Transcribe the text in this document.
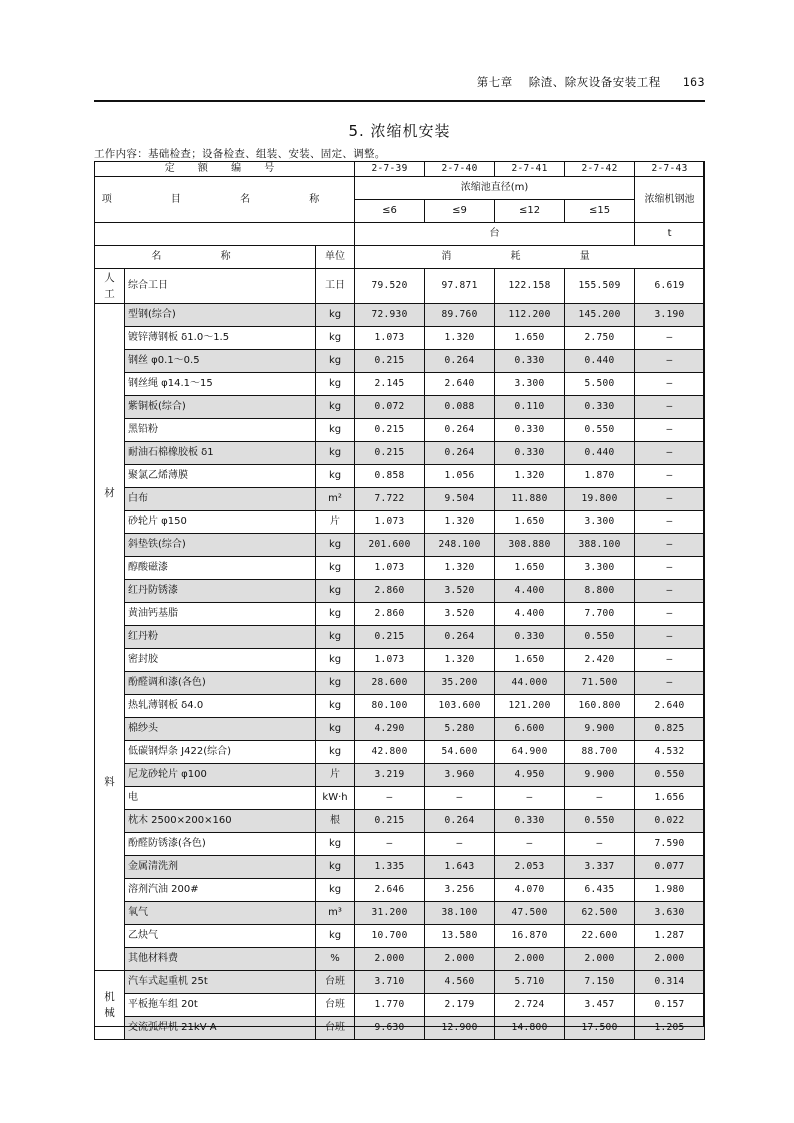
第七章 除渣、除灰设备安装工程 163
5. 浓缩机安装
工作内容：基础检查；设备检查、组装、安装、固定、调整。
定 额 编 号			2-7-39	2-7-40	2-7-41	2-7-42	2-7-43
项 目 名 称			浓缩池直径(m)				浓缩机钢池
			≤6	≤9	≤12	≤15	
			台				t
名 称		单位	消 耗 量				

人
工	综合工日	工日	79.520	97.871	122.158	155.509	6.619

材
料	型钢(综合)	kg	72.930	89.760	112.200	145.200	3.190
	镀锌薄钢板 δ1.0～1.5	kg	1.073	1.320	1.650	2.750	—
	钢丝 φ0.1～0.5	kg	0.215	0.264	0.330	0.440	—
	钢丝绳 φ14.1～15	kg	2.145	2.640	3.300	5.500	—
	紫铜板(综合)	kg	0.072	0.088	0.110	0.330	—
	黑铅粉	kg	0.215	0.264	0.330	0.550	—
	耐油石棉橡胶板 δ1	kg	0.215	0.264	0.330	0.440	—
	聚氯乙烯薄膜	kg	0.858	1.056	1.320	1.870	—
	白布	m²	7.722	9.504	11.880	19.800	—
	砂轮片 φ150	片	1.073	1.320	1.650	3.300	—
	斜垫铁(综合)	kg	201.600	248.100	308.880	388.100	—
	醇酸磁漆	kg	1.073	1.320	1.650	3.300	—
	红丹防锈漆	kg	2.860	3.520	4.400	8.800	—
	黄油钙基脂	kg	2.860	3.520	4.400	7.700	—
	红丹粉	kg	0.215	0.264	0.330	0.550	—
	密封胶	kg	1.073	1.320	1.650	2.420	—
	酚醛调和漆(各色)	kg	28.600	35.200	44.000	71.500	—
	热轧薄钢板 δ4.0	kg	80.100	103.600	121.200	160.800	2.640
	棉纱头	kg	4.290	5.280	6.600	9.900	0.825
	低碳钢焊条 J422(综合)	kg	42.800	54.600	64.900	88.700	4.532
	尼龙砂轮片 φ100	片	3.219	3.960	4.950	9.900	0.550
	电	kW·h	—	—	—	—	1.656
	枕木 2500×200×160	根	0.215	0.264	0.330	0.550	0.022
	酚醛防锈漆(各色)	kg	—	—	—	—	7.590
	金属清洗剂	kg	1.335	1.643	2.053	3.337	0.077
	溶剂汽油 200#	kg	2.646	3.256	4.070	6.435	1.980
	氧气	m³	31.200	38.100	47.500	62.500	3.630
	乙炔气	kg	10.700	13.580	16.870	22.600	1.287
	其他材料费	%	2.000	2.000	2.000	2.000	2.000

机
械	汽车式起重机 25t	台班	3.710	4.560	5.710	7.150	0.314
	平板拖车组 20t	台班	1.770	2.179	2.724	3.457	0.157
	交流弧焊机 21kV·A	台班	9.630	12.900	14.800	17.500	1.205
